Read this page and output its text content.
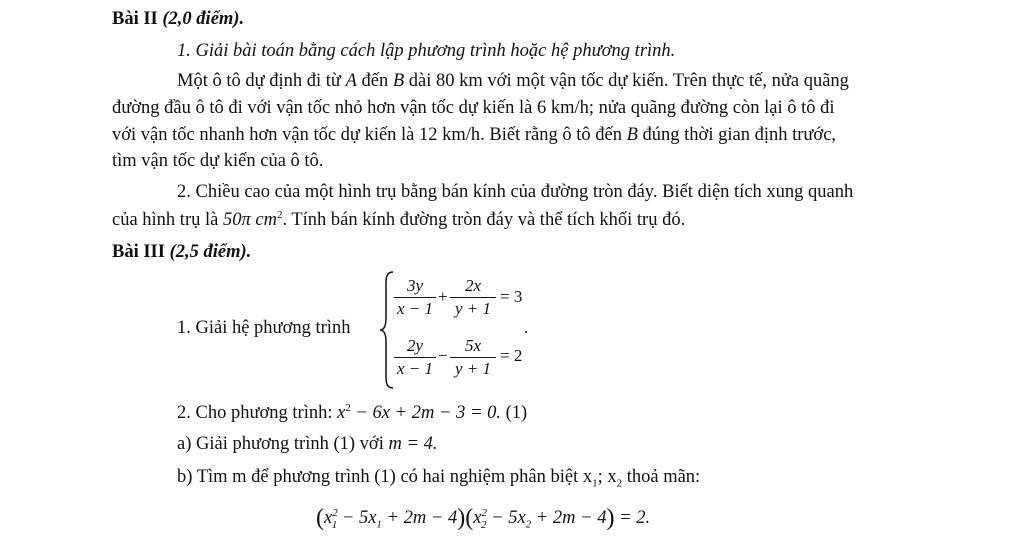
Bài II (2,0 điểm).
1. Giải bài toán bằng cách lập phương trình hoặc hệ phương trình.
Một ô tô dự định đi từ A đến B dài 80 km với một vận tốc dự kiến. Trên thực tế, nửa quãng
đường đầu ô tô đi với vận tốc nhỏ hơn vận tốc dự kiến là 6 km/h; nửa quãng đường còn lại ô tô đi
với vận tốc nhanh hơn vận tốc dự kiến là 12 km/h. Biết rằng ô tô đến B đúng thời gian định trước,
tìm vận tốc dự kiến của ô tô.
2. Chiều cao của một hình trụ bằng bán kính của đường tròn đáy. Biết diện tích xung quanh
của hình trụ là 50π $cm^2$. Tính bán kính đường tròn đáy và thể tích khối trụ đó.
Bài III (2,5 điểm).
1. Giải hệ phương trình
3y
x − 1
+
2x
y + 1
= 3
2y
x − 1
−
5x
y + 1
= 2
.
2. Cho phương trình: $x^2 - 6x + 2m - 3 = 0$. (1)
a) Giải phương trình (1) với m = 4.
b) Tìm m để phương trình (1) có hai nghiệm phân biệt $x_1$; $x_2$ thoả mãn:
$(x^2_1 - 5x_1 + 2m - 4)(x^2_2 - 5x_2 + 2m - 4) = 2$.
